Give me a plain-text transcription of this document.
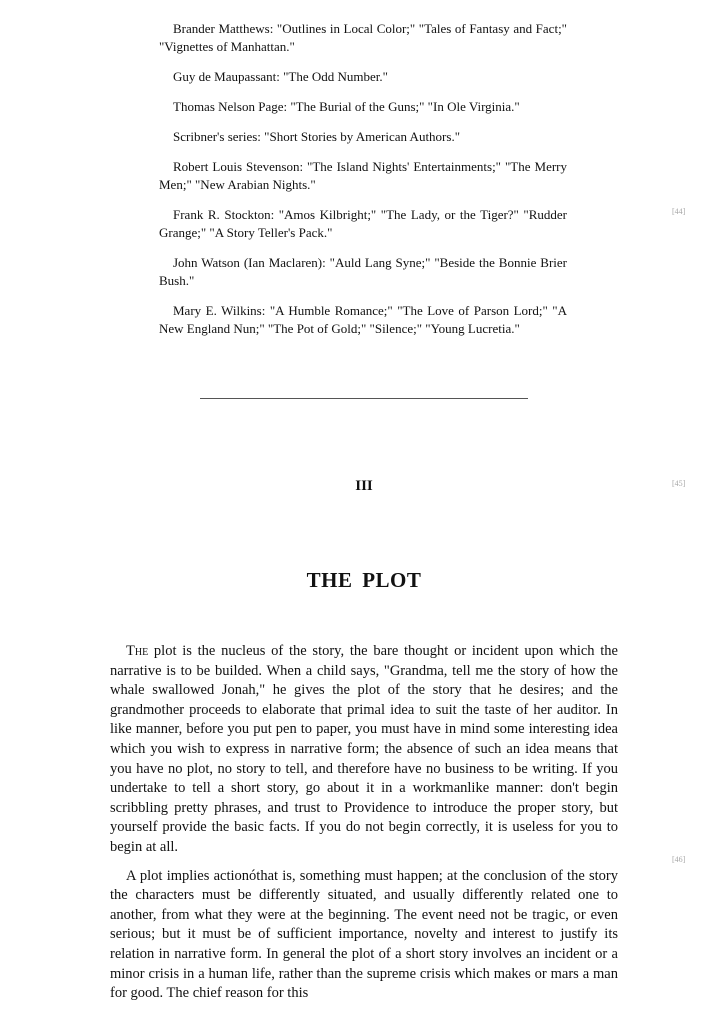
Brander Matthews: "Outlines in Local Color;" "Tales of Fantasy and Fact;" "Vignettes of Manhattan."

Guy de Maupassant: "The Odd Number."

Thomas Nelson Page: "The Burial of the Guns;" "In Ole Virginia."

Scribner's series: "Short Stories by American Authors."

Robert Louis Stevenson: "The Island Nights' Entertainments;" "The Merry Men;" "New Arabian Nights."

Frank R. Stockton: "Amos Kilbright;" "The Lady, or the Tiger?" "Rudder Grange;" "A Story Teller's Pack."

John Watson (Ian Maclaren): "Auld Lang Syne;" "Beside the Bonnie Brier Bush."

Mary E. Wilkins: "A Humble Romance;" "The Love of Parson Lord;" "A New England Nun;" "The Pot of Gold;" "Silence;" "Young Lucretia."

[44]
III	[45]
THE PLOT

The plot is the nucleus of the story, the bare thought or incident upon which the narrative is to be builded. When a child says, "Grandma, tell me the story of how the whale swallowed Jonah," he gives the plot of the story that he desires; and the grandmother proceeds to elaborate that primal idea to suit the taste of her auditor. In like manner, before you put pen to paper, you must have in mind some interesting idea which you wish to express in narrative form; the absence of such an idea means that you have no plot, no story to tell, and therefore have no business to be writing. If you undertake to tell a short story, go about it in a workmanlike manner: don't begin scribbling pretty phrases, and trust to Providence to introduce the proper story, but yourself provide the basic facts. If you do not begin correctly, it is useless for you to begin at all.

A plot implies actionóthat is, something must happen; at the conclusion of the story the characters must be differently situated, and usually differently related one to another, from what they were at the beginning. The event need not be tragic, or even serious; but it must be of sufficient importance, novelty and interest to justify its relation in narrative form. In general the plot of a short story involves an incident or a minor crisis in a human life, rather than the supreme crisis which makes or mars a man for good. The chief reason for this

[46]
